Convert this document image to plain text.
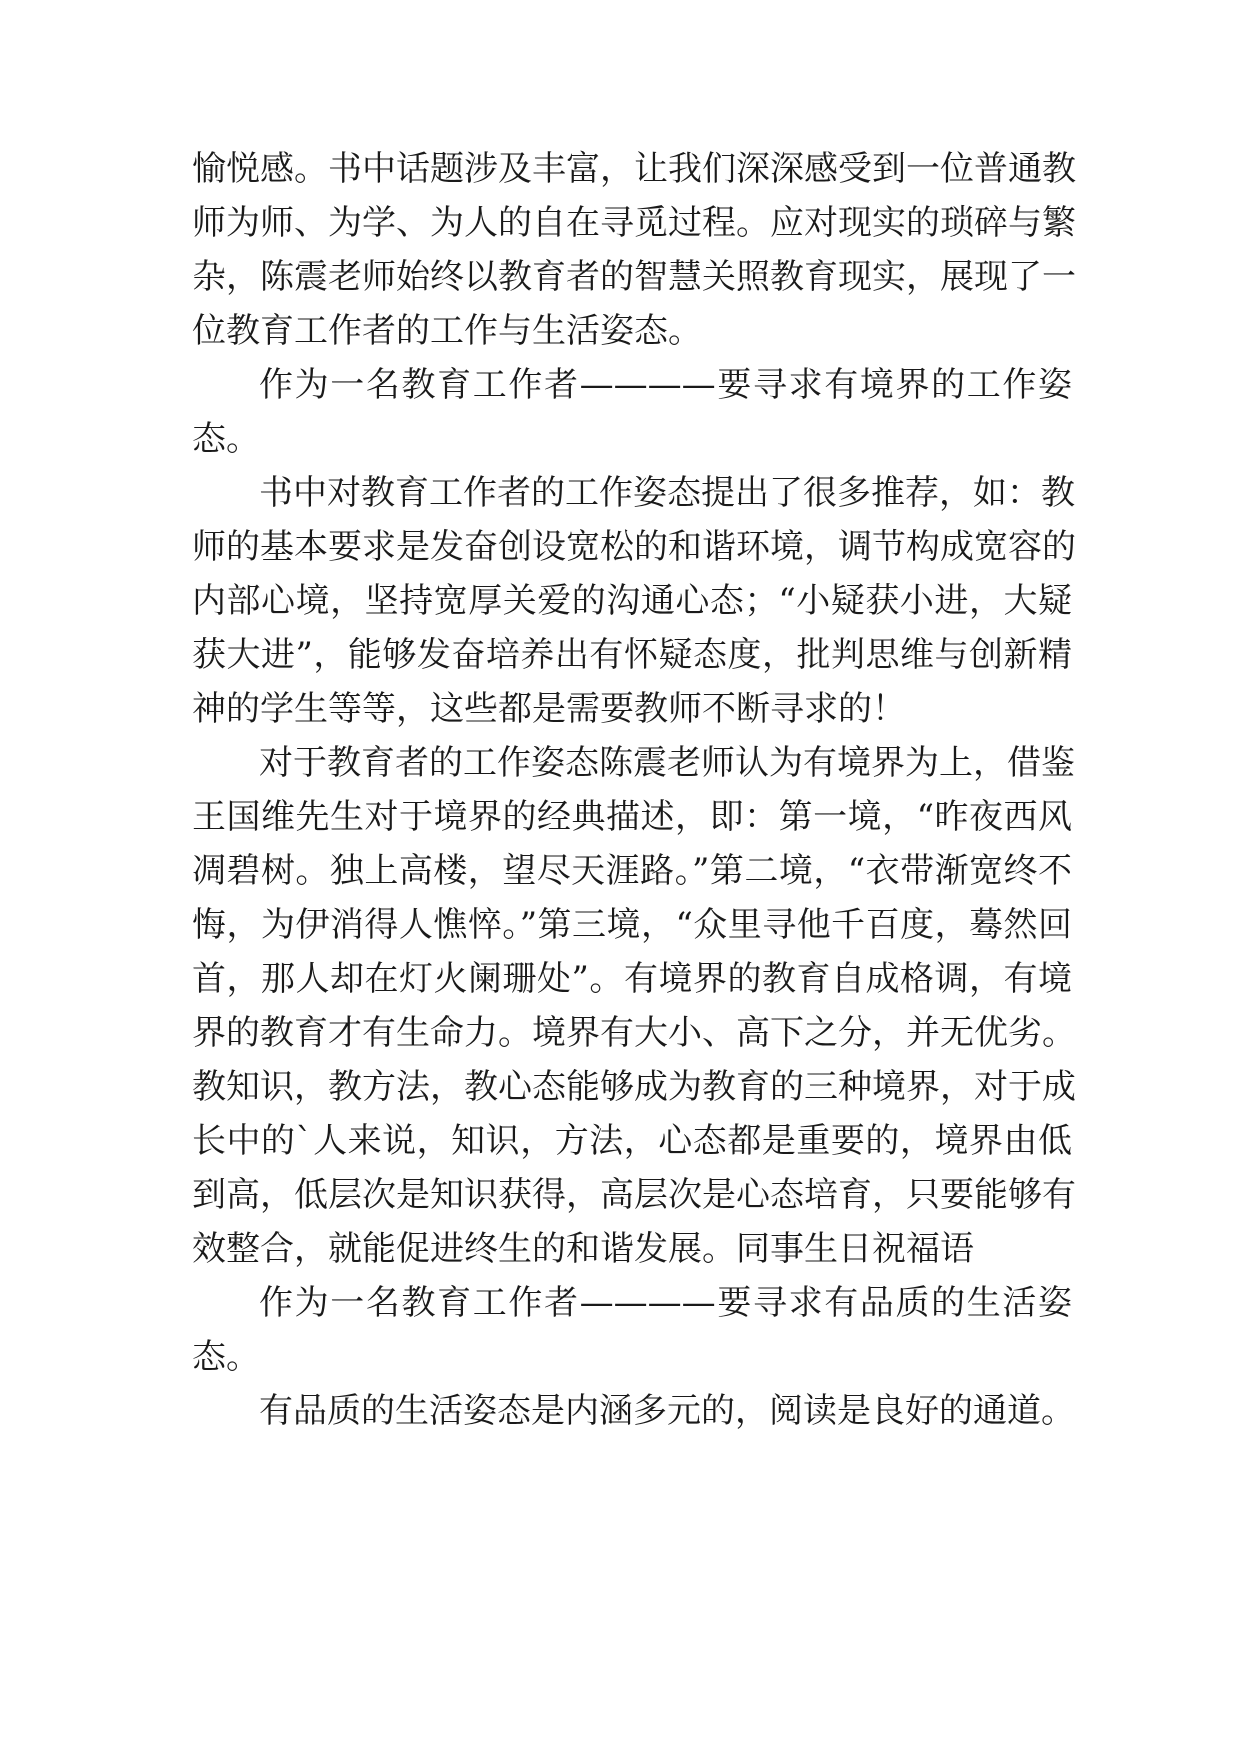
愉悦感。书中话题涉及丰富，让我们深深感受到一位普通教
师为师、为学、为人的自在寻觅过程。应对现实的琐碎与繁
杂，陈震老师始终以教育者的智慧关照教育现实，展现了一
位教育工作者的工作与生活姿态。
作为一名教育工作者————要寻求有境界的工作姿
态。
书中对教育工作者的工作姿态提出了很多推荐，如：教
师的基本要求是发奋创设宽松的和谐环境，调节构成宽容的
内部心境，坚持宽厚关爱的沟通心态；“小疑获小进，大疑
获大进”，能够发奋培养出有怀疑态度，批判思维与创新精
神的学生等等，这些都是需要教师不断寻求的！
对于教育者的工作姿态陈震老师认为有境界为上，借鉴
王国维先生对于境界的经典描述，即：第一境，“昨夜西风
凋碧树。独上高楼，望尽天涯路。”第二境，“衣带渐宽终不
悔，为伊消得人憔悴。”第三境，“众里寻他千百度，蓦然回
首，那人却在灯火阑珊处”。有境界的教育自成格调，有境
界的教育才有生命力。境界有大小、高下之分，并无优劣。
教知识，教方法，教心态能够成为教育的三种境界，对于成
长中的`人来说，知识，方法，心态都是重要的，境界由低
到高，低层次是知识获得，高层次是心态培育，只要能够有
效整合，就能促进终生的和谐发展。同事生日祝福语
作为一名教育工作者————要寻求有品质的生活姿
态。
有品质的生活姿态是内涵多元的，阅读是良好的通道。
